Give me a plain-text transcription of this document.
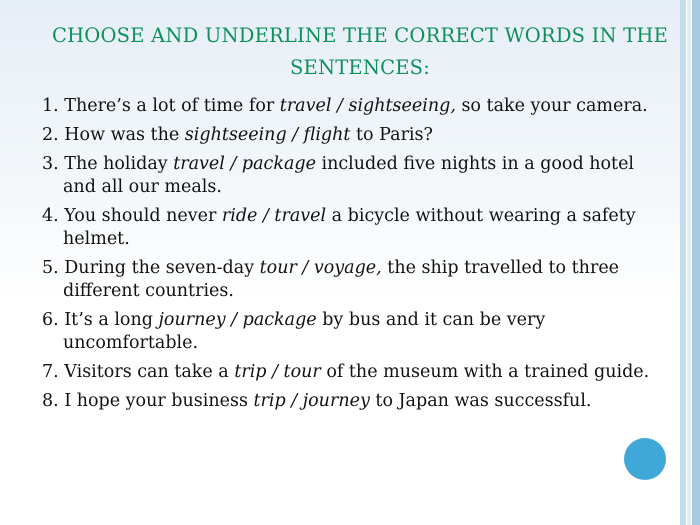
CHOOSE AND UNDERLINE THE CORRECT WORDS IN THE SENTENCES:
1. There’s a lot of time for travel / sightseeing, so take your camera.
2. How was the sightseeing / flight to Paris?
3. The holiday travel / package included five nights in a good hotel and all our meals.
4. You should never ride / travel a bicycle without wearing a safety helmet.
5. During the seven-day tour / voyage, the ship travelled to three different countries.
6. It’s a long journey / package by bus and it can be very uncomfortable.
7. Visitors can take a trip / tour of the museum with a trained guide.
8. I hope your business trip / journey to Japan was successful.
